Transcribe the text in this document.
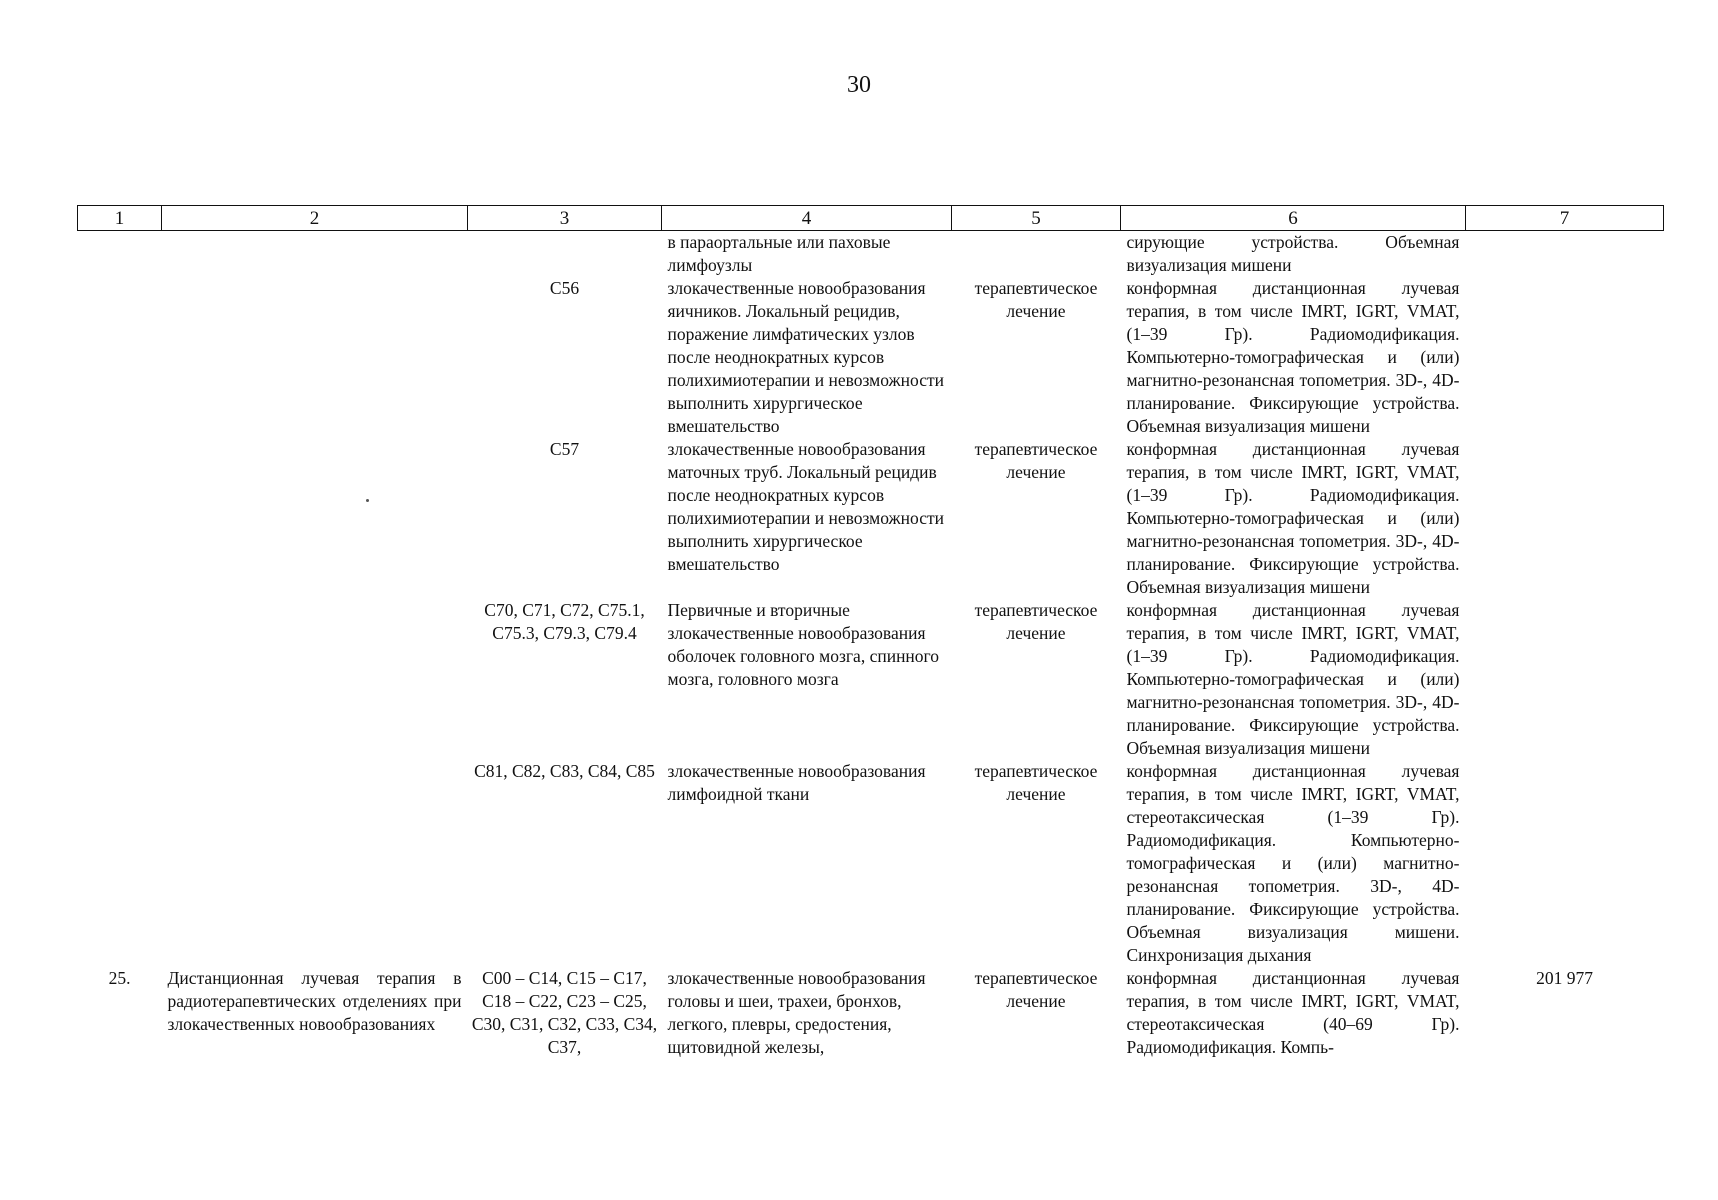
30
1	2	3	4	5	6	7
			в параортальные или паховые лимфоузлы		сирующие устройства. Объемная визуализация мишени	
		С56	злокачественные новообразования яичников. Локальный рецидив, поражение лимфатических узлов после неоднократных курсов полихимиотерапии и невозможности выполнить хирургическое вмешательство	терапевтическое лечение	конформная дистанционная лучевая терапия, в том числе IMRT, IGRT, VMAT, (1–39 Гр). Радиомодификация. Компьютерно-томографическая и (или) магнитно-резонансная топометрия. 3D-, 4D-планирование. Фиксирующие устройства. Объемная визуализация мишени	
		С57	злокачественные новообразования маточных труб. Локальный рецидив после неоднократных курсов полихимиотерапии и невозможности выполнить хирургическое вмешательство	терапевтическое лечение	конформная дистанционная лучевая терапия, в том числе IMRT, IGRT, VMAT, (1–39 Гр). Радиомодификация. Компьютерно-томографическая и (или) магнитно-резонансная топометрия. 3D-, 4D-планирование. Фиксирующие устройства. Объемная визуализация мишени	
		С70, С71, С72, С75.1, С75.3, С79.3, С79.4	Первичные и вторичные злокачественные новообразования оболочек головного мозга, спинного мозга, головного мозга	терапевтическое лечение	конформная дистанционная лучевая терапия, в том числе IMRT, IGRT, VMAT, (1–39 Гр). Радиомодификация. Компьютерно-томографическая и (или) магнитно-резонансная топометрия. 3D-, 4D-планирование. Фиксирующие устройства. Объемная визуализация мишени	
		С81, С82, С83, С84, С85	злокачественные новообразования лимфоидной ткани	терапевтическое лечение	конформная дистанционная лучевая терапия, в том числе IMRT, IGRT, VMAT, стереотаксическая (1–39 Гр). Радиомодификация. Компьютерно-томографическая и (или) магнитно-резонансная топометрия. 3D-, 4D-планирование. Фиксирующие устройства. Объемная визуализация мишени. Синхронизация дыхания	
25.	Дистанционная лучевая терапия в радиотерапевтических отделениях при злокачественных новообразованиях	С00 – С14, С15 – С17, С18 – С22, С23 – С25, С30, С31, С32, С33, С34, С37,	злокачественные новообразования головы и шеи, трахеи, бронхов, легкого, плевры, средостения, щитовидной железы,	терапевтическое лечение	конформная дистанционная лучевая терапия, в том числе IMRT, IGRT, VMAT, стереотаксическая (40–69 Гр). Радиомодификация. Компь-	201 977
